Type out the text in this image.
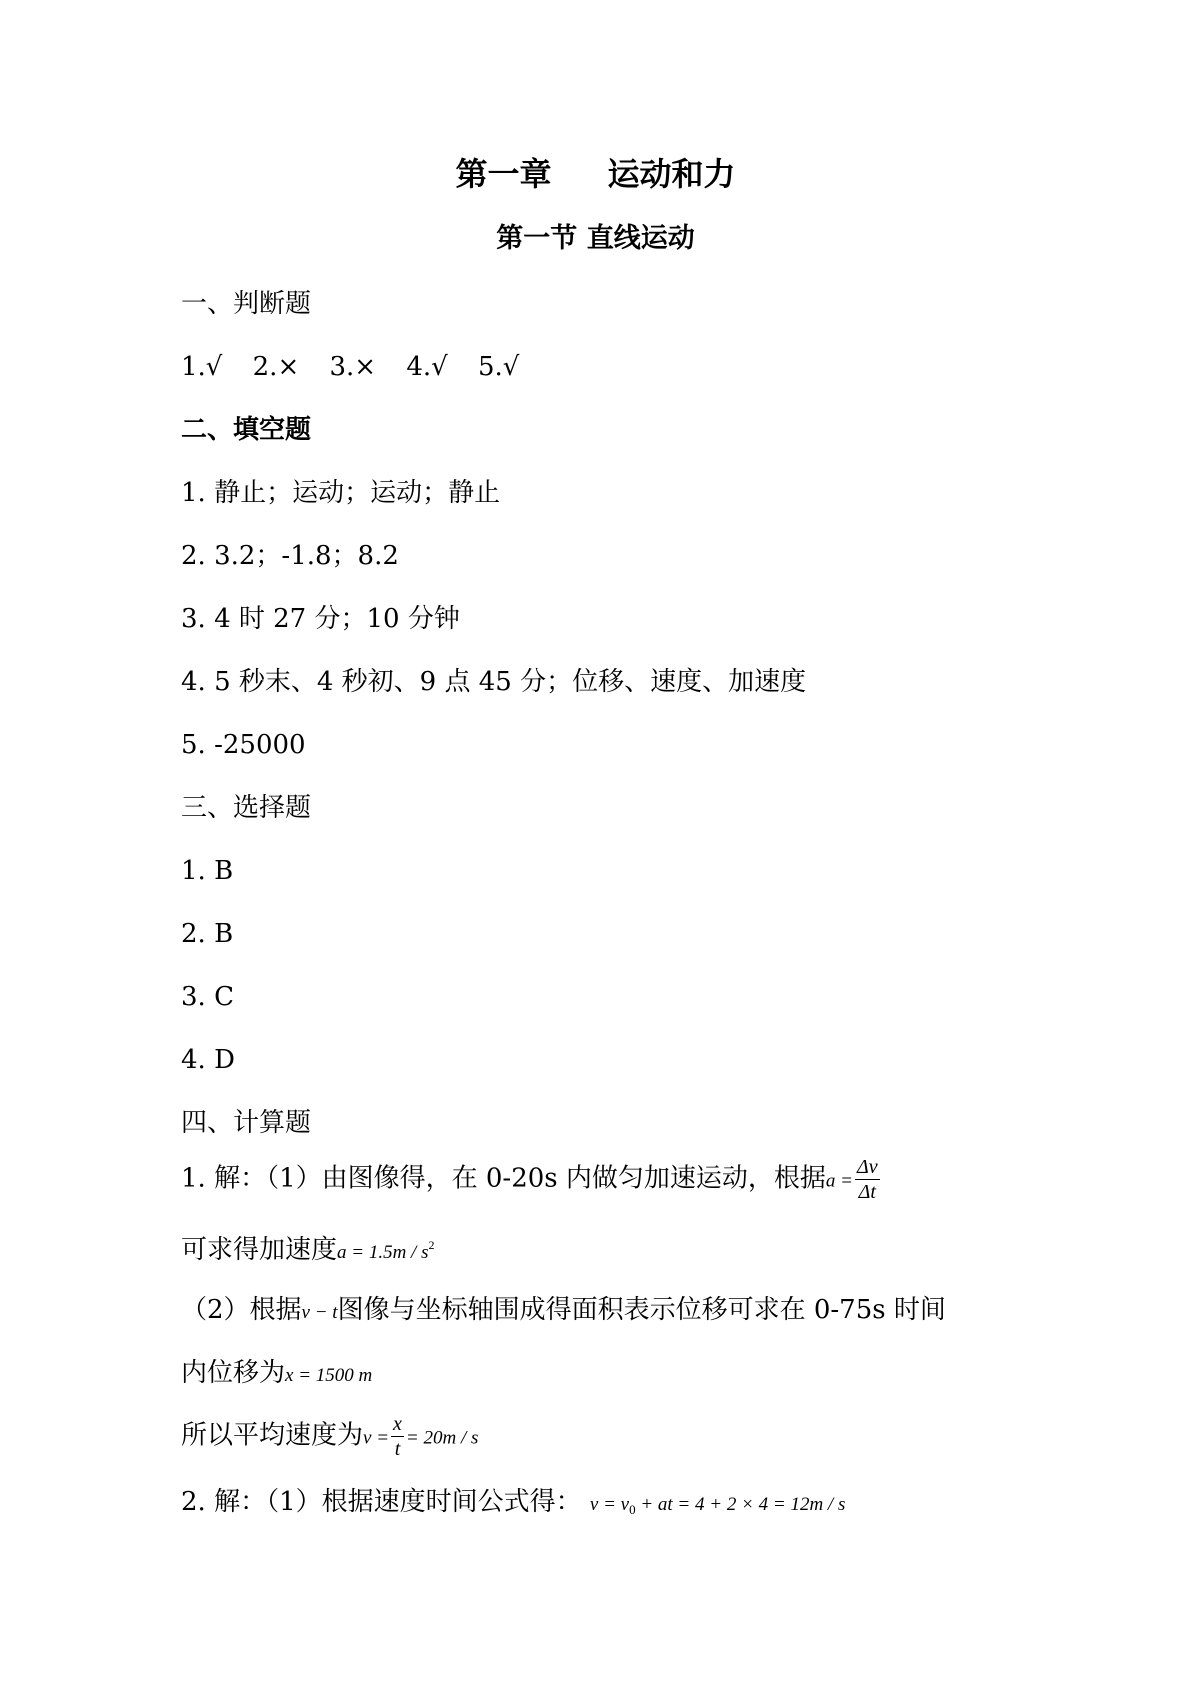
第一章 运动和力
第一节 直线运动
一、判断题
1.√ 2.× 3.× 4.√ 5.√
二、填空题
1. 静止；运动；运动；静止
2. 3.2；-1.8；8.2
3. 4 时 27 分；10 分钟
4. 5 秒末、4 秒初、9 点 45 分；位移、速度、加速度
5. -25000
三、选择题
1. B
2. B
3. C
4. D
四、计算题
1. 解：（1）由图像得，在 0-20s 内做匀加速运动，根据$a = \frac{\Delta v}{\Delta t}$
可求得加速度$a = 1.5m / s^2$
（2）根据v − t图像与坐标轴围成得面积表示位移可求在 0-75s 时间
内位移为x = 1500 m
所以平均速度为$v = \frac{x}{t} = 20m / s$
2. 解：（1）根据速度时间公式得： $v = v_0$ + at = 4 + 2 × 4 = 12m / s
